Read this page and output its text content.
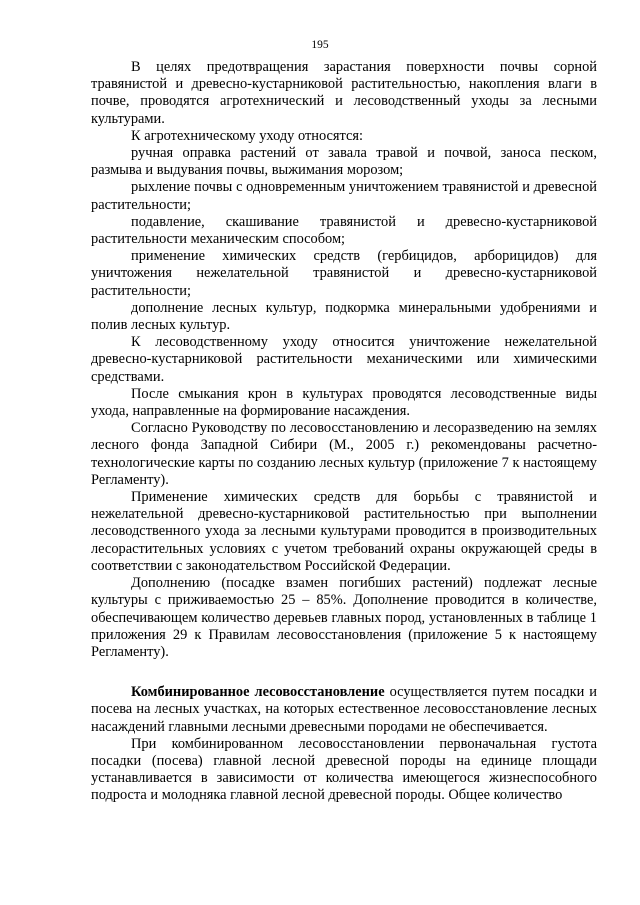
195

В целях предотвращения зарастания поверхности почвы сорной травянистой и древесно-кустарниковой растительностью, накопления влаги в почве, проводятся агротехнический и лесоводственный уходы за лесными культурами.

К агротехническому уходу относятся:

ручная оправка растений от завала травой и почвой, заноса песком, размыва и выдувания почвы, выжимания морозом;

рыхление почвы с одновременным уничтожением травянистой и древесной растительности;

подавление, скашивание травянистой и древесно-кустарниковой растительности механическим способом;

применение химических средств (гербицидов, арборицидов) для уничтожения нежелательной травянистой и древесно-кустарниковой растительности;

дополнение лесных культур, подкормка минеральными удобрениями и полив лесных культур.

К лесоводственному уходу относится уничтожение нежелательной древесно-кустарниковой растительности механическими или химическими средствами.

После смыкания крон в культурах проводятся лесоводственные виды ухода, направленные на формирование насаждения.

Согласно Руководству по лесовосстановлению и лесоразведению на землях лесного фонда Западной Сибири (М., 2005 г.) рекомендованы расчетно-технологические карты по созданию лесных культур (приложение 7 к настоящему Регламенту).

Применение химических средств для борьбы с травянистой и нежелательной древесно-кустарниковой растительностью при выполнении лесоводственного ухода за лесными культурами проводится в производительных лесорастительных условиях с учетом требований охраны окружающей среды в соответствии с законодательством Российской Федерации.

Дополнению (посадке взамен погибших растений) подлежат лесные культуры с приживаемостью 25 – 85%. Дополнение проводится в количестве, обеспечивающем количество деревьев главных пород, установленных в таблице 1 приложения 29 к Правилам лесовосстановления (приложение 5 к настоящему Регламенту).

Комбинированное лесовосстановление осуществляется путем посадки и посева на лесных участках, на которых естественное лесовосстановление лесных насаждений главными лесными древесными породами не обеспечивается.

При комбинированном лесовосстановлении первоначальная густота посадки (посева) главной лесной древесной породы на единице площади устанавливается в зависимости от количества имеющегося жизнеспособного подроста и молодняка главной лесной древесной породы. Общее количество
